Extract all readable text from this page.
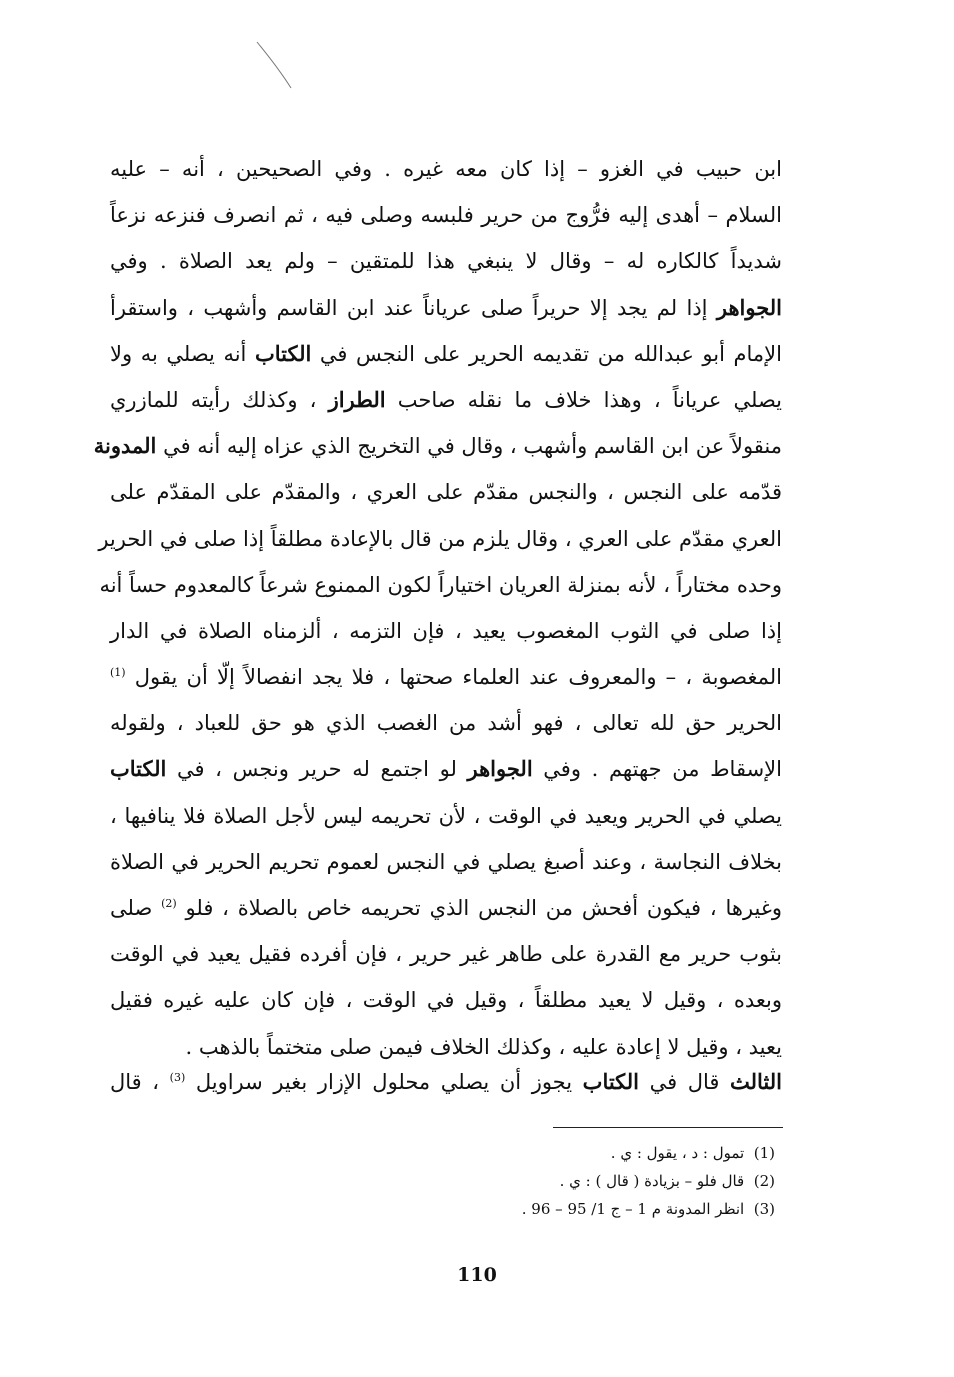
ابن حبيب في الغزو – إذا كان معه غيره . وفي الصحيحين ، أنه – عليه
السلام – أهدى إليه فرُّوج من حرير فلبسه وصلى فيه ، ثم انصرف فنزعه نزعاً
شديداً كالكاره له – وقال لا ينبغي هذا للمتقين – ولم يعد الصلاة . وفي
الجواهر إذا لم يجد إلا حريراً صلى عرياناً عند ابن القاسم وأشهب ، واستقرأ
الإمام أبو عبدالله من تقديمه الحرير على النجس في الكتاب أنه يصلي به ولا
يصلي عرياناً ، وهذا خلاف ما نقله صاحب الطراز ، وكذلك رأيته للمازري
منقولاً عن ابن القاسم وأشهب ، وقال في التخريج الذي عزاه إليه أنه في المدونة
قدّمه على النجس ، والنجس مقدّم على العري ، والمقدّم على المقدّم على
العري مقدّم على العري ، وقال يلزم من قال بالإعادة مطلقاً إذا صلى في الحرير
وحده مختاراً ، لأنه بمنزلة العريان اختياراً لكون الممنوع شرعاً كالمعدوم حساً أنه
إذا صلى في الثوب المغصوب يعيد ، فإن التزمه ، ألزمناه الصلاة في الدار
المغصوبة ، – والمعروف عند العلماء صحتها ، فلا يجد انفصالاً إلّا أن يقول $^{(1)}$
الحرير حق لله تعالى ، فهو أشد من الغصب الذي هو حق للعباد ، ولقوله
الإسقاط من جهتهم . وفي الجواهر لو اجتمع له حرير ونجس ، في الكتاب
يصلي في الحرير ويعيد في الوقت ، لأن تحريمه ليس لأجل الصلاة فلا ينافيها ،
بخلاف النجاسة ، وعند أصبغ يصلي في النجس لعموم تحريم الحرير في الصلاة
وغيرها ، فيكون أفحش من النجس الذي تحريمه خاص بالصلاة ، فلو $^{(2)}$ صلى
بثوب حرير مع القدرة على طاهر غير حرير ، فإن أفرده فقيل يعيد في الوقت
وبعده ، وقيل لا يعيد مطلقاً ، وقيل في الوقت ، فإن كان عليه غيره فقيل
يعيد ، وقيل لا إعادة عليه ، وكذلك الخلاف فيمن صلى متختماً بالذهب .
الثالث قال في الكتاب يجوز أن يصلي محلول الإزار بغير سراويل $^{(3)}$ ، قال
(1) تمول : د ، يقول : ي .
(2) قال فلو – بزيادة ( قال ) : ي .
(3) انظر المدونة م 1 – ج 1/ 95 – 96 .
110
